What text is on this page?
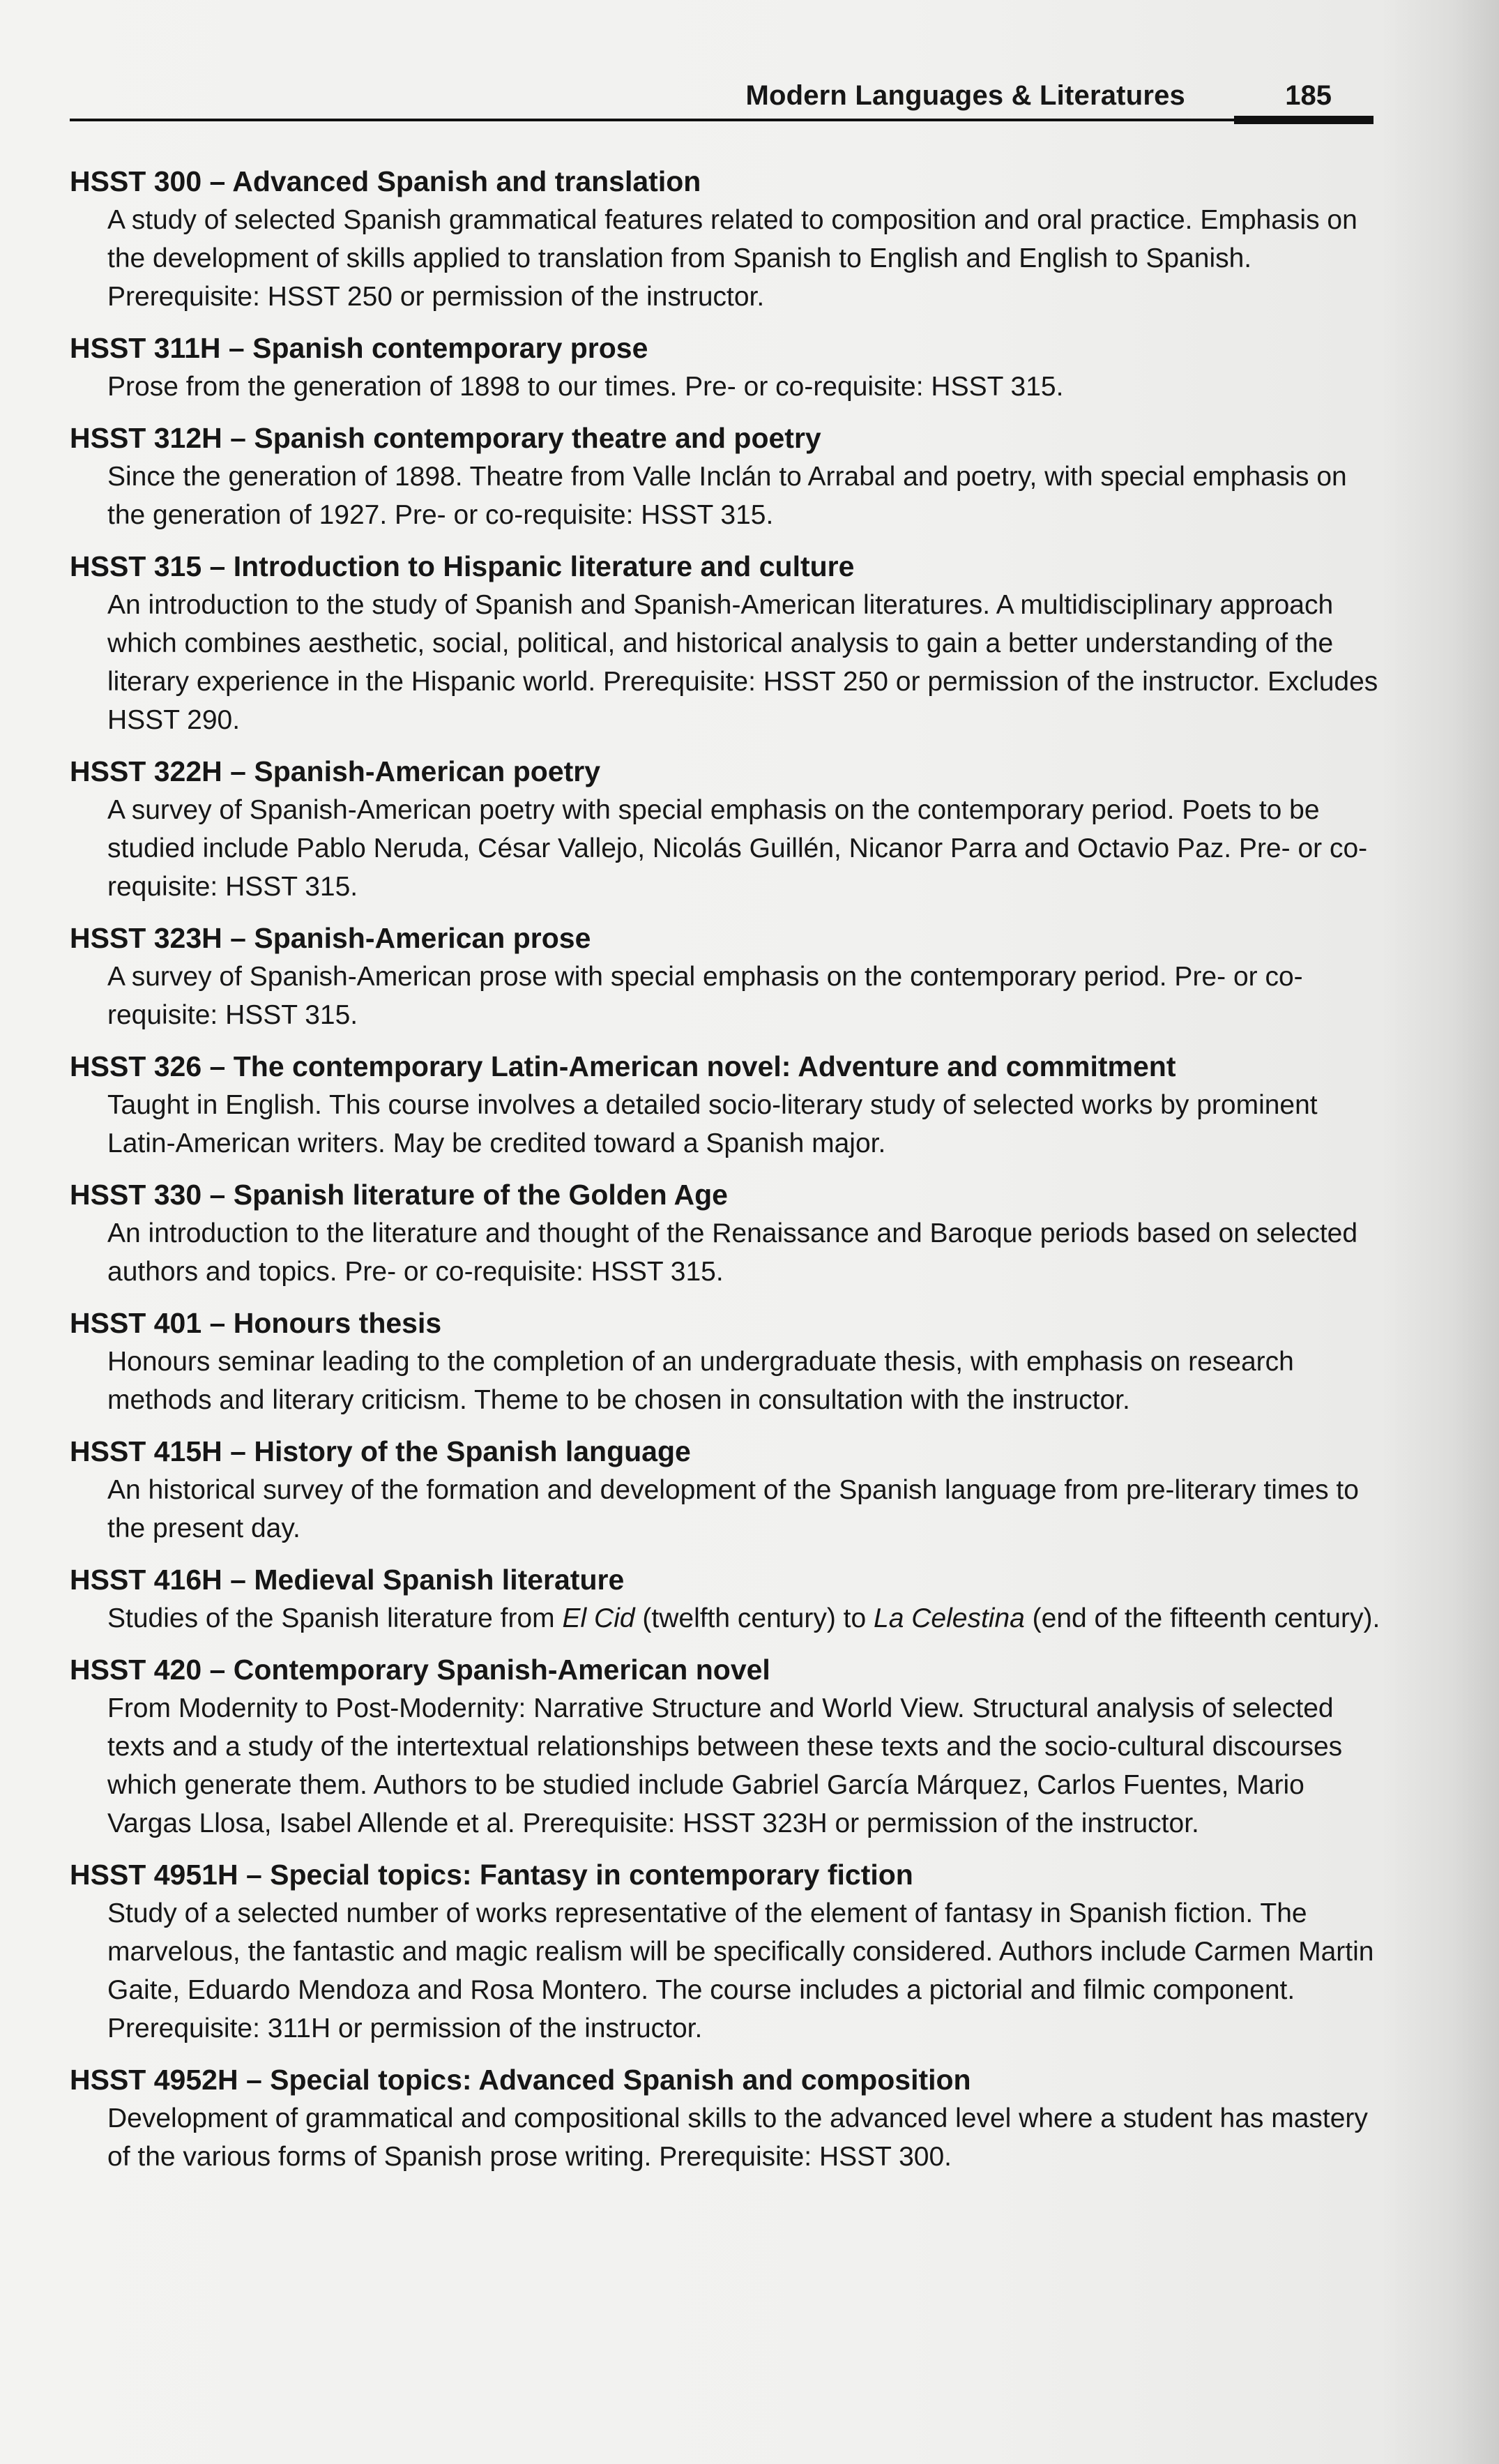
Modern Languages & Literatures	185
HSST 300 – Advanced Spanish and translation
A study of selected Spanish grammatical features related to composition and oral practice. Emphasis on the development of skills applied to translation from Spanish to English and English to Spanish. Prerequisite: HSST 250 or permission of the instructor.
HSST 311H – Spanish contemporary prose
Prose from the generation of 1898 to our times. Pre- or co-requisite: HSST 315.
HSST 312H – Spanish contemporary theatre and poetry
Since the generation of 1898. Theatre from Valle Inclán to Arrabal and poetry, with special emphasis on the generation of 1927. Pre- or co-requisite: HSST 315.
HSST 315 – Introduction to Hispanic literature and culture
An introduction to the study of Spanish and Spanish-American literatures. A multidisciplinary approach which combines aesthetic, social, political, and historical analysis to gain a better understanding of the literary experience in the Hispanic world. Prerequisite: HSST 250 or permission of the instructor. Excludes HSST 290.
HSST 322H – Spanish-American poetry
A survey of Spanish-American poetry with special emphasis on the contemporary period. Poets to be studied include Pablo Neruda, César Vallejo, Nicolás Guillén, Nicanor Parra and Octavio Paz. Pre- or co-requisite: HSST 315.
HSST 323H – Spanish-American prose
A survey of Spanish-American prose with special emphasis on the contemporary period. Pre- or co-requisite: HSST 315.
HSST 326 – The contemporary Latin-American novel: Adventure and commitment
Taught in English. This course involves a detailed socio-literary study of selected works by prominent Latin-American writers. May be credited toward a Spanish major.
HSST 330 – Spanish literature of the Golden Age
An introduction to the literature and thought of the Renaissance and Baroque periods based on selected authors and topics. Pre- or co-requisite: HSST 315.
HSST 401 – Honours thesis
Honours seminar leading to the completion of an undergraduate thesis, with emphasis on research methods and literary criticism. Theme to be chosen in consultation with the instructor.
HSST 415H – History of the Spanish language
An historical survey of the formation and development of the Spanish language from pre-literary times to the present day.
HSST 416H – Medieval Spanish literature
Studies of the Spanish literature from El Cid (twelfth century) to La Celestina (end of the fifteenth century).
HSST 420 – Contemporary Spanish-American novel
From Modernity to Post-Modernity: Narrative Structure and World View. Structural analysis of selected texts and a study of the intertextual relationships between these texts and the socio-cultural discourses which generate them. Authors to be studied include Gabriel García Márquez, Carlos Fuentes, Mario Vargas Llosa, Isabel Allende et al. Prerequisite: HSST 323H or permission of the instructor.
HSST 4951H – Special topics: Fantasy in contemporary fiction
Study of a selected number of works representative of the element of fantasy in Spanish fiction. The marvelous, the fantastic and magic realism will be specifically considered. Authors include Carmen Martin Gaite, Eduardo Mendoza and Rosa Montero. The course includes a pictorial and filmic component. Prerequisite: 311H or permission of the instructor.
HSST 4952H – Special topics: Advanced Spanish and composition
Development of grammatical and compositional skills to the advanced level where a student has mastery of the various forms of Spanish prose writing. Prerequisite: HSST 300.
